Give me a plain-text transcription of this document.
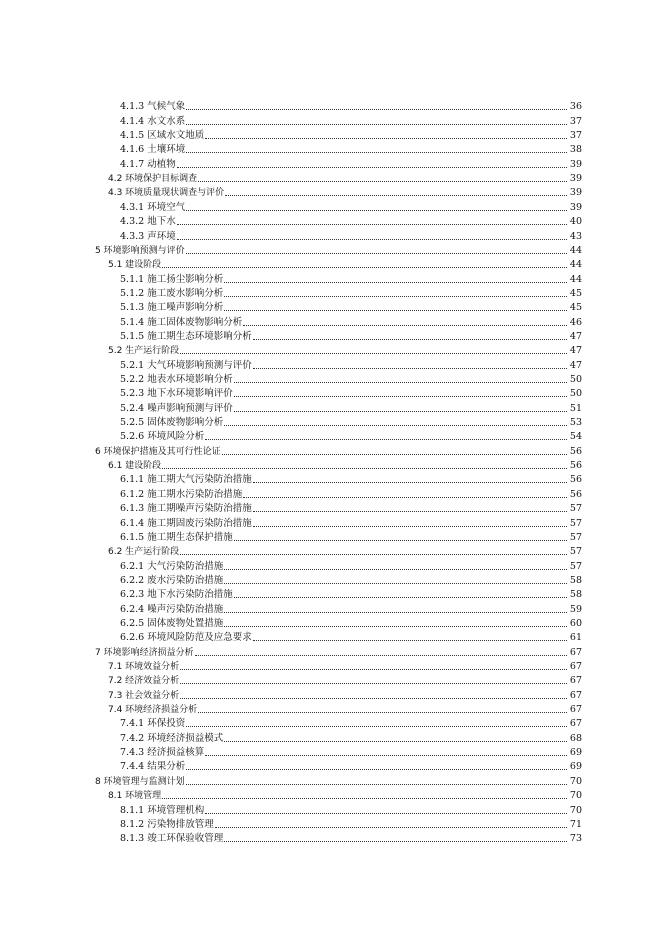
4.1.3 气候气象	36
4.1.4 水文水系	37
4.1.5 区域水文地质	37
4.1.6 土壤环境	38
4.1.7 动植物	39
4.2 环境保护目标调查	39
4.3 环境质量现状调查与评价	39
4.3.1 环境空气	39
4.3.2 地下水	40
4.3.3 声环境	43
5 环境影响预测与评价	44
5.1 建设阶段	44
5.1.1 施工扬尘影响分析	44
5.1.2 施工废水影响分析	45
5.1.3 施工噪声影响分析	45
5.1.4 施工固体废物影响分析	46
5.1.5 施工期生态环境影响分析	47
5.2 生产运行阶段	47
5.2.1 大气环境影响预测与评价	47
5.2.2 地表水环境影响分析	50
5.2.3 地下水环境影响评价	50
5.2.4 噪声影响预测与评价	51
5.2.5 固体废物影响分析	53
5.2.6 环境风险分析	54
6 环境保护措施及其可行性论证	56
6.1 建设阶段	56
6.1.1 施工期大气污染防治措施	56
6.1.2 施工期水污染防治措施	56
6.1.3 施工期噪声污染防治措施	57
6.1.4 施工期固废污染防治措施	57
6.1.5 施工期生态保护措施	57
6.2 生产运行阶段	57
6.2.1 大气污染防治措施	57
6.2.2 废水污染防治措施	58
6.2.3 地下水污染防治措施	58
6.2.4 噪声污染防治措施	59
6.2.5 固体废物处置措施	60
6.2.6 环境风险防范及应急要求	61
7 环境影响经济损益分析	67
7.1 环境效益分析	67
7.2 经济效益分析	67
7.3 社会效益分析	67
7.4 环境经济损益分析	67
7.4.1 环保投资	67
7.4.2 环境经济损益模式	68
7.4.3 经济损益核算	69
7.4.4 结果分析	69
8 环境管理与监测计划	70
8.1 环境管理	70
8.1.1 环境管理机构	70
8.1.2 污染物排放管理	71
8.1.3 竣工环保验收管理	73
